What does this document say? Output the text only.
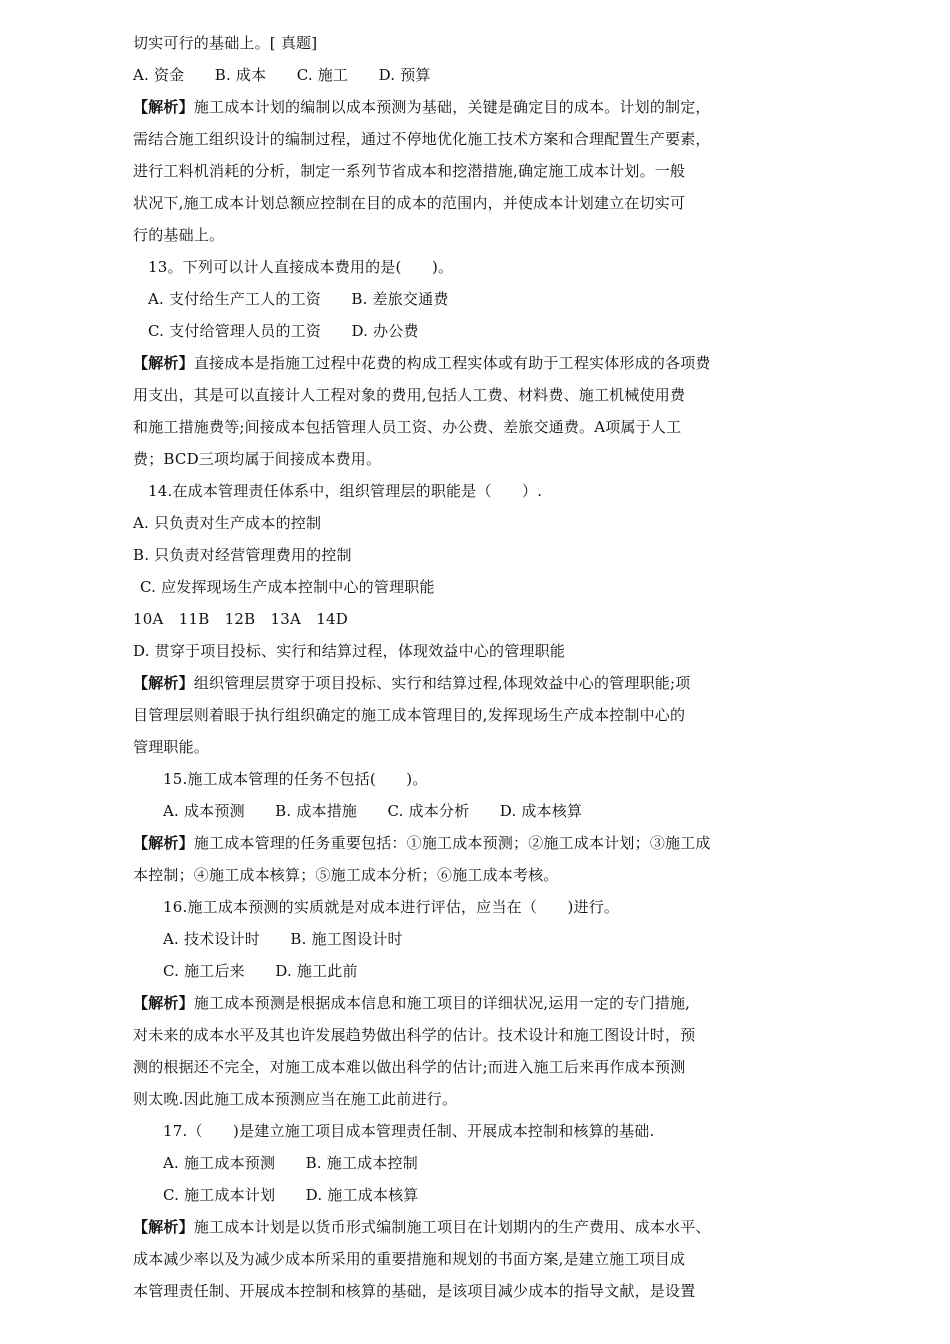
切实可行的基础上。[ 真题]
A. 资金　　B. 成本　　C. 施工　　D. 预算
【解析】施工成本计划的编制以成本预测为基础，关键是确定目的成本。计划的制定，
需结合施工组织设计的编制过程，通过不停地优化施工技术方案和合理配置生产要素，
进行工料机消耗的分析，制定一系列节省成本和挖潜措施,确定施工成本计划。一般
状况下,施工成本计划总额应控制在目的成本的范围内，并使成本计划建立在切实可
行的基础上。
13。下列可以计人直接成本费用的是(　　)。
A. 支付给生产工人的工资　　B. 差旅交通费
C. 支付给管理人员的工资　　D. 办公费
【解析】直接成本是指施工过程中花费的构成工程实体或有助于工程实体形成的各项费
用支出，其是可以直接计人工程对象的费用,包括人工费、材料费、施工机械使用费
和施工措施费等;间接成本包括管理人员工资、办公费、差旅交通费。A项属于人工
费；BCD三项均属于间接成本费用。
14.在成本管理责任体系中，组织管理层的职能是（　　）.
A. 只负责对生产成本的控制
B. 只负责对经营管理费用的控制
C. 应发挥现场生产成本控制中心的管理职能
10A　11B　12B　13A　14D
D. 贯穿于项目投标、实行和结算过程，体现效益中心的管理职能
【解析】组织管理层贯穿于项目投标、实行和结算过程,体现效益中心的管理职能;项
目管理层则着眼于执行组织确定的施工成本管理目的,发挥现场生产成本控制中心的
管理职能。
15.施工成本管理的任务不包括(　　)。
A. 成本预测　　B. 成本措施　　C. 成本分析　　D. 成本核算
【解析】施工成本管理的任务重要包括：①施工成本预测；②施工成本计划；③施工成
本控制；④施工成本核算；⑤施工成本分析；⑥施工成本考核。
16.施工成本预测的实质就是对成本进行评估，应当在（　　)进行。
A. 技术设计时　　B. 施工图设计时
C. 施工后来　　D. 施工此前
【解析】施工成本预测是根据成本信息和施工项目的详细状况,运用一定的专门措施,
对未来的成本水平及其也许发展趋势做出科学的估计。技术设计和施工图设计时，预
测的根据还不完全，对施工成本难以做出科学的估计;而进入施工后来再作成本预测
则太晚.因此施工成本预测应当在施工此前进行。
17.（　　)是建立施工项目成本管理责任制、开展成本控制和核算的基础.
A. 施工成本预测　　B. 施工成本控制
C. 施工成本计划　　D. 施工成本核算
【解析】施工成本计划是以货币形式编制施工项目在计划期内的生产费用、成本水平、
成本减少率以及为减少成本所采用的重要措施和规划的书面方案,是建立施工项目成
本管理责任制、开展成本控制和核算的基础，是该项目减少成本的指导文献，是设置
